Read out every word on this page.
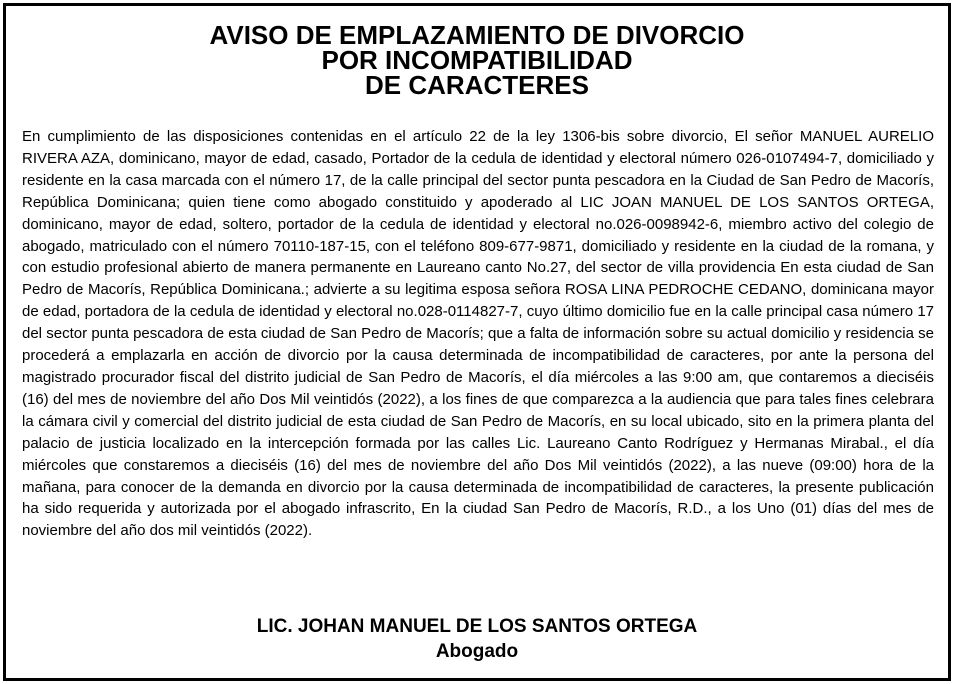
AVISO DE EMPLAZAMIENTO DE DIVORCIO
POR INCOMPATIBILIDAD
DE CARACTERES
En cumplimiento de las disposiciones contenidas en el artículo 22 de la ley 1306-bis sobre divorcio, El señor MANUEL AURELIO RIVERA AZA, dominicano, mayor de edad, casado, Portador de la cedula de identidad y electoral número 026-0107494-7, domiciliado y residente en la casa marcada con el número 17, de la calle principal del sector punta pescadora en la Ciudad de San Pedro de Macorís, República Dominicana; quien tiene como abogado constituido y apoderado al LIC JOAN MANUEL DE LOS SANTOS ORTEGA, dominicano, mayor de edad, soltero, portador de la cedula de identidad y electoral no.026-0098942-6, miembro activo del colegio de abogado, matriculado con el número 70110-187-15, con el teléfono 809-677-9871, domiciliado y residente en la ciudad de la romana, y con estudio profesional abierto de manera permanente en Laureano canto No.27, del sector de villa providencia En esta ciudad de San Pedro de Macorís, República Dominicana.; advierte a su legitima esposa señora ROSA LINA PEDROCHE CEDANO, dominicana mayor de edad, portadora de la cedula de identidad y electoral no.028-0114827-7, cuyo último domicilio fue en la calle principal casa número 17 del sector punta pescadora de esta ciudad de San Pedro de Macorís; que a falta de información sobre su actual domicilio y residencia se procederá a emplazarla en acción de divorcio por la causa determinada de incompatibilidad de caracteres, por ante la persona del magistrado procurador fiscal del distrito judicial de San Pedro de Macorís, el día miércoles a las 9:00 am, que contaremos a dieciséis (16) del mes de noviembre del año Dos Mil veintidós (2022), a los fines de que comparezca a la audiencia que para tales fines celebrara la cámara civil y comercial del distrito judicial de esta ciudad de San Pedro de Macorís, en su local ubicado, sito en la primera planta del palacio de justicia localizado en la intercepción formada por las calles Lic. Laureano Canto Rodríguez y Hermanas Mirabal., el día miércoles que constaremos a dieciséis (16) del mes de noviembre del año Dos Mil veintidós (2022), a las nueve (09:00) hora de la mañana, para conocer de la demanda en divorcio por la causa determinada de incompatibilidad de caracteres, la presente publicación ha sido requerida y autorizada por el abogado infrascrito, En la ciudad San Pedro de Macorís, R.D., a los Uno (01) días del mes de noviembre del año dos mil veintidós (2022).
LIC. JOHAN MANUEL DE LOS SANTOS ORTEGA
Abogado
